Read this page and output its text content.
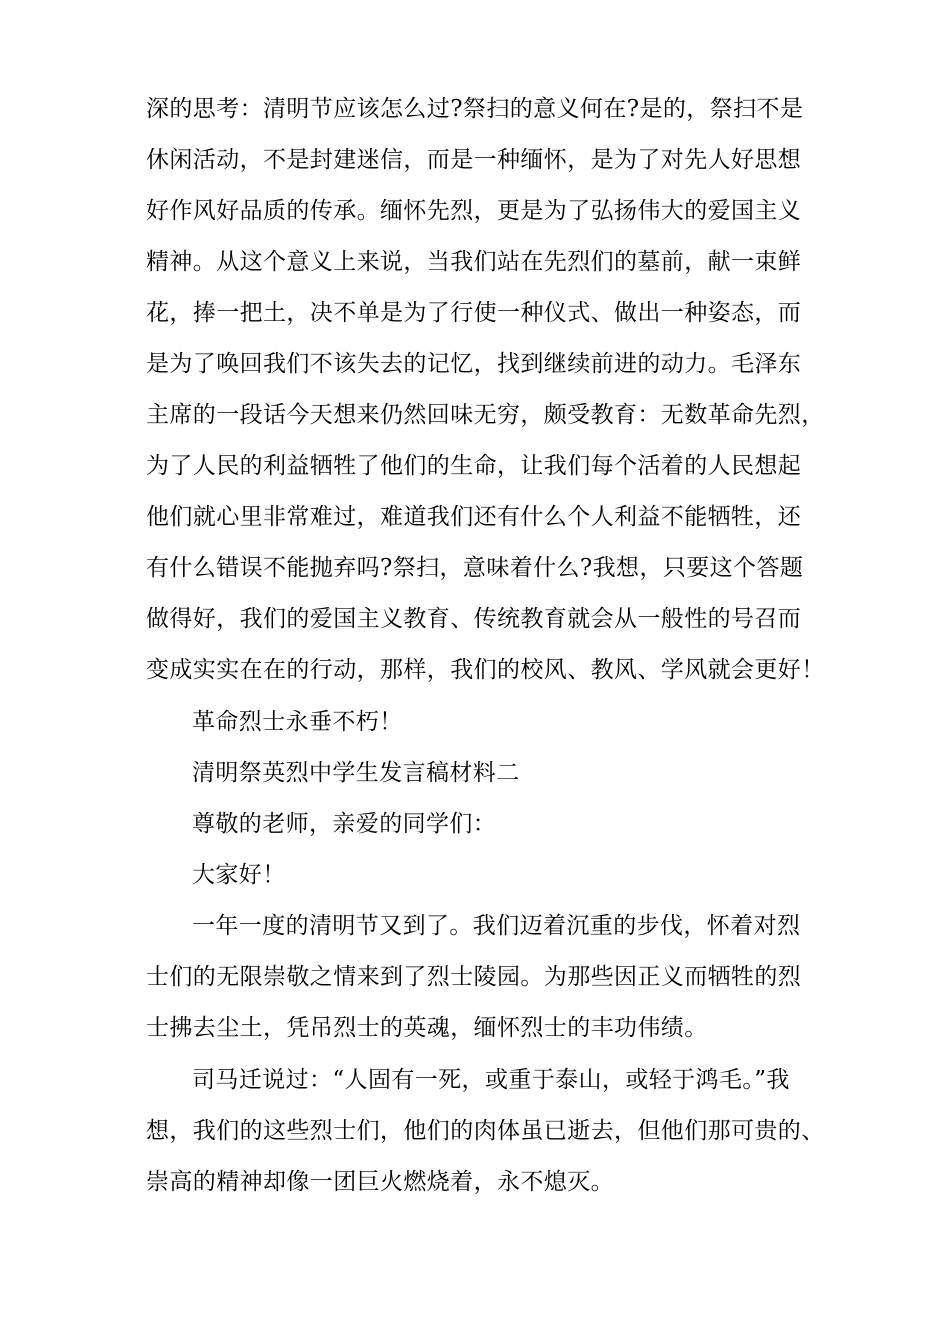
深的思考：清明节应该怎么过?祭扫的意义何在?是的，祭扫不是
休闲活动，不是封建迷信，而是一种缅怀，是为了对先人好思想
好作风好品质的传承。缅怀先烈，更是为了弘扬伟大的爱国主义
精神。从这个意义上来说，当我们站在先烈们的墓前，献一束鲜
花，捧一把土，决不单是为了行使一种仪式、做出一种姿态，而
是为了唤回我们不该失去的记忆，找到继续前进的动力。毛泽东
主席的一段话今天想来仍然回味无穷，颇受教育：无数革命先烈，
为了人民的利益牺牲了他们的生命，让我们每个活着的人民想起
他们就心里非常难过，难道我们还有什么个人利益不能牺牲，还
有什么错误不能抛弃吗?祭扫，意味着什么?我想，只要这个答题
做得好，我们的爱国主义教育、传统教育就会从一般性的号召而
变成实实在在的行动，那样，我们的校风、教风、学风就会更好！
革命烈士永垂不朽！
清明祭英烈中学生发言稿材料二
尊敬的老师，亲爱的同学们：
大家好！
一年一度的清明节又到了。我们迈着沉重的步伐，怀着对烈
士们的无限崇敬之情来到了烈士陵园。为那些因正义而牺牲的烈
士拂去尘土，凭吊烈士的英魂，缅怀烈士的丰功伟绩。
司马迁说过：“人固有一死，或重于泰山，或轻于鸿毛。”我
想，我们的这些烈士们，他们的肉体虽已逝去，但他们那可贵的、
崇高的精神却像一团巨火燃烧着，永不熄灭。
